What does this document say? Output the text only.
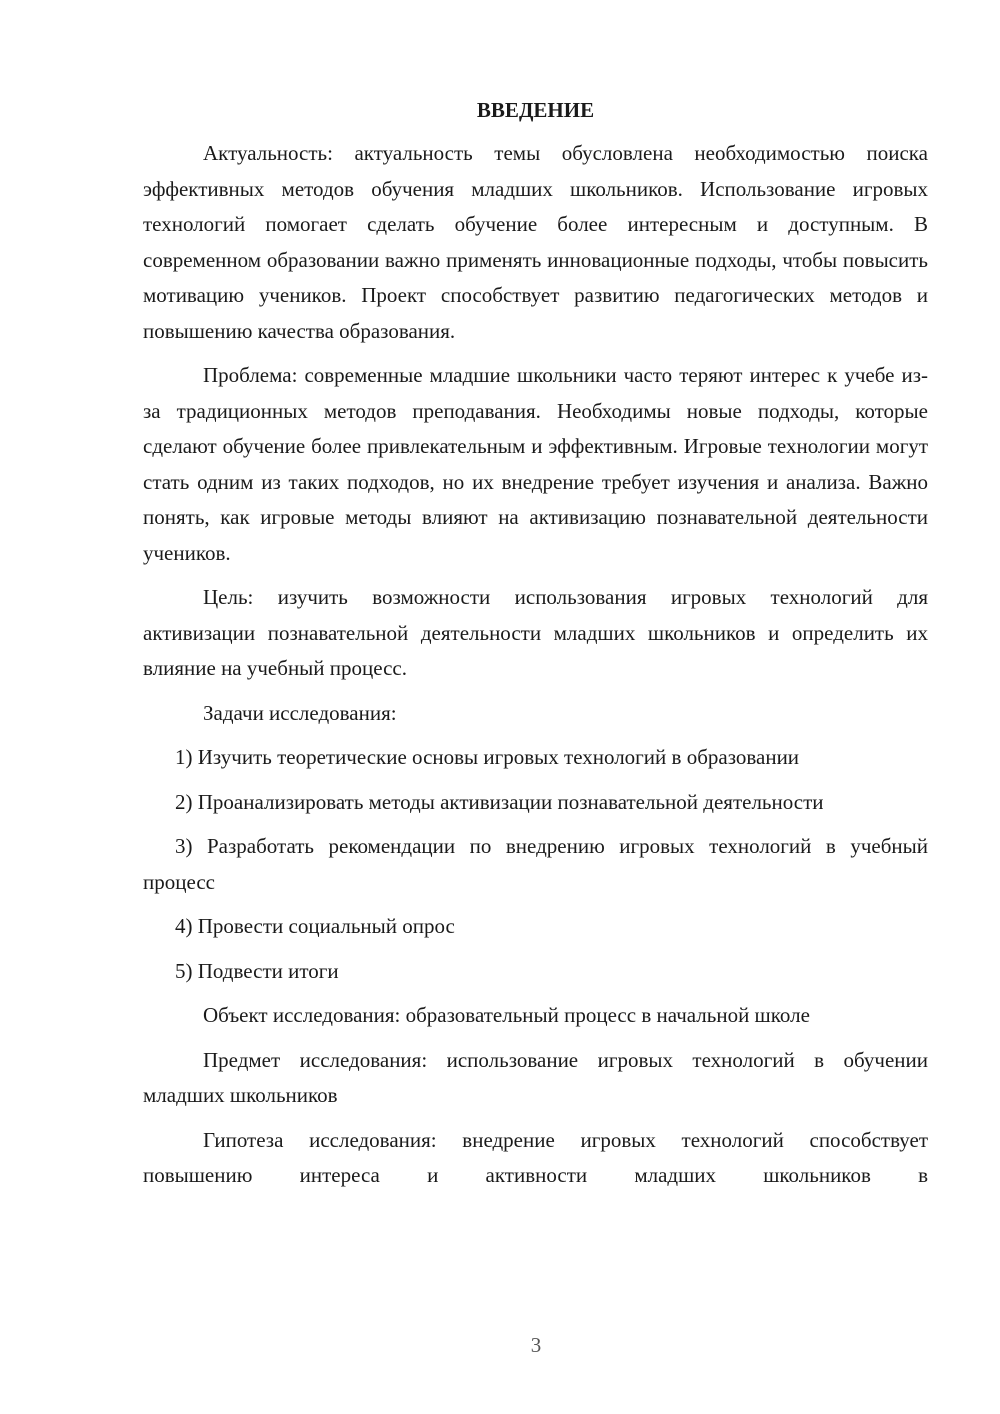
ВВЕДЕНИЕ

Актуальность: актуальность темы обусловлена необходимостью поиска эффективных методов обучения младших школьников. Использование игровых технологий помогает сделать обучение более интересным и доступным. В современном образовании важно применять инновационные подходы, чтобы повысить мотивацию учеников. Проект способствует развитию педагогических методов и повышению качества образования.

Проблема: современные младшие школьники часто теряют интерес к учебе из-за традиционных методов преподавания. Необходимы новые подходы, которые сделают обучение более привлекательным и эффективным. Игровые технологии могут стать одним из таких подходов, но их внедрение требует изучения и анализа. Важно понять, как игровые методы влияют на активизацию познавательной деятельности учеников.

Цель: изучить возможности использования игровых технологий для активизации познавательной деятельности младших школьников и определить их влияние на учебный процесс.

Задачи исследования:

1) Изучить теоретические основы игровых технологий в образовании

2) Проанализировать методы активизации познавательной деятельности

3) Разработать рекомендации по внедрению игровых технологий в учебный процесс

4) Провести социальный опрос

5) Подвести итоги

Объект исследования: образовательный процесс в начальной школе

Предмет исследования: использование игровых технологий в обучении младших школьников

Гипотеза исследования: внедрение игровых технологий способствует повышению интереса и активности младших школьников в

3
